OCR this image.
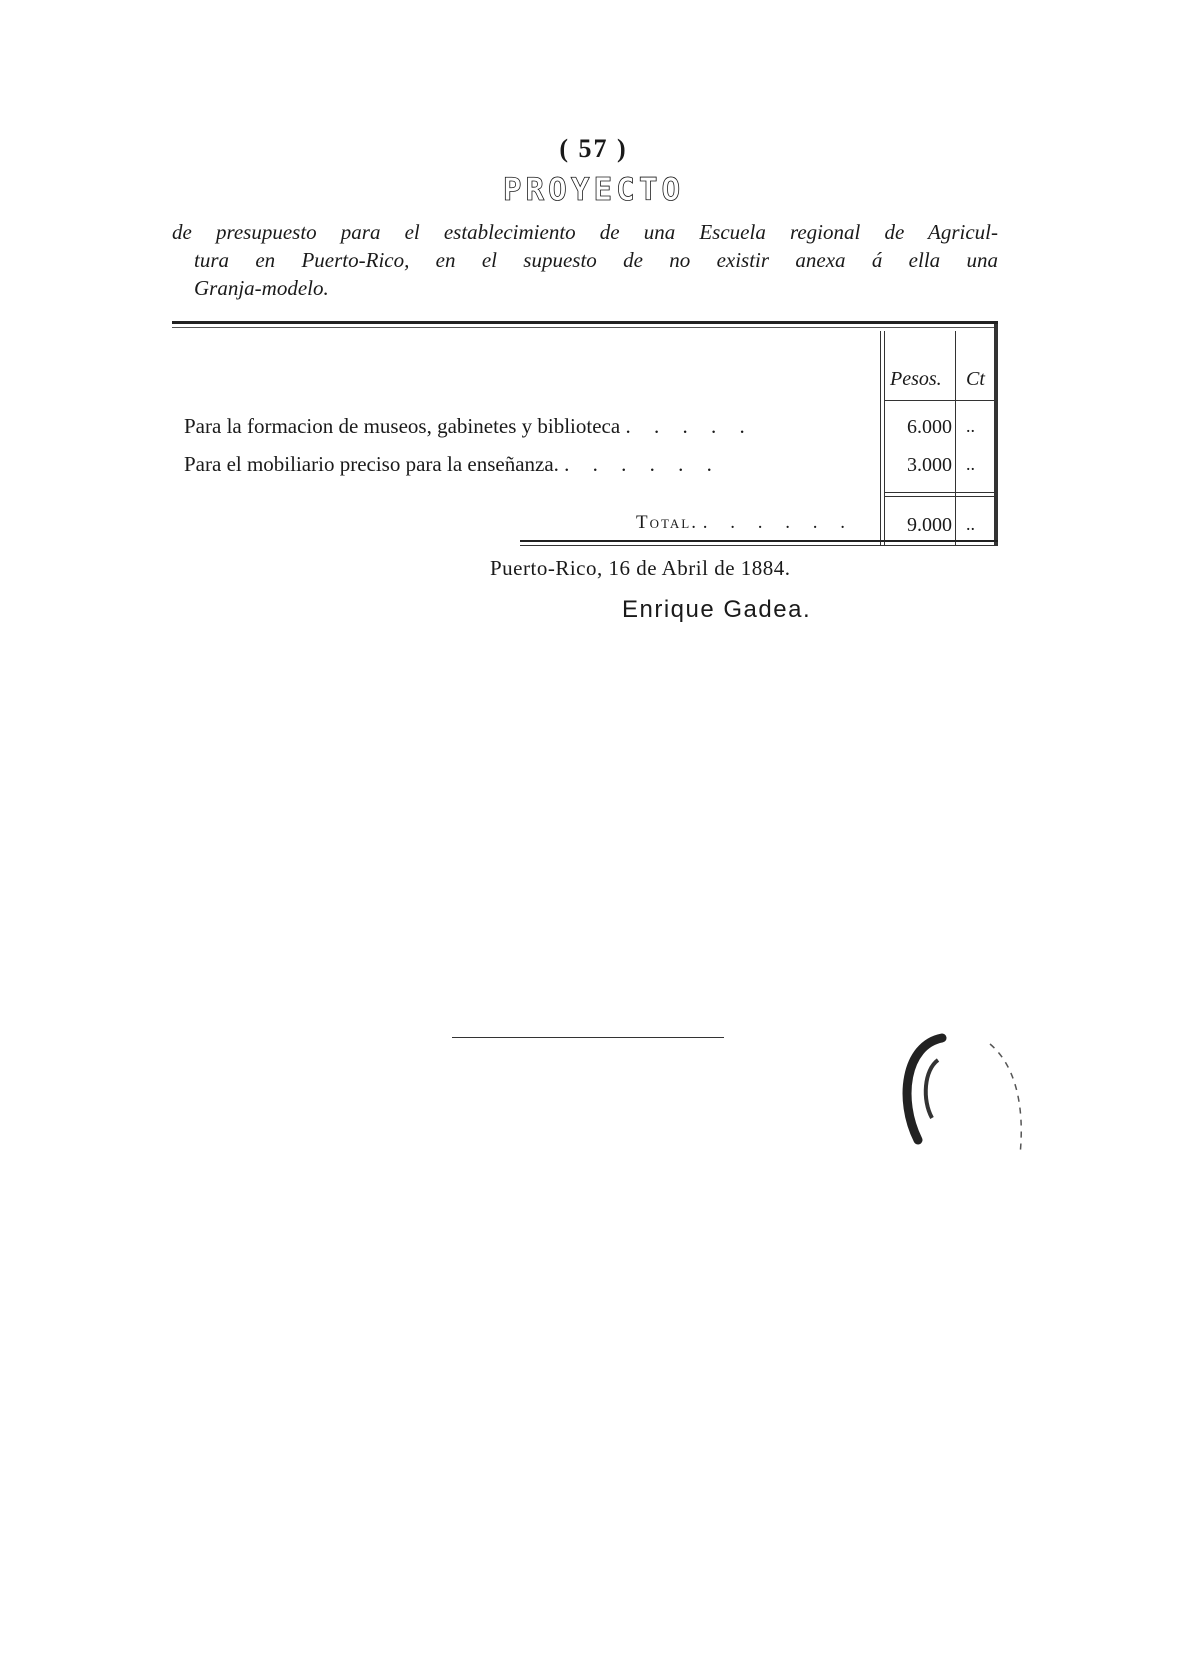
( 57 )
PROYECTO
de presupuesto para el establecimiento de una Escuela regional de Agricul-
tura en Puerto-Rico, en el supuesto de no existir anexa á ella una
Granja-modelo.
Pesos. Ct
Para la formacion de museos, gabinetes y biblioteca . . . . .	6.000 ..
Para el mobiliario preciso para la enseñanza. . . . . . .	3.000 ..
Total. . . . . . .	9.000 ..
Puerto-Rico, 16 de Abril de 1884.
Enrique Gadea.
